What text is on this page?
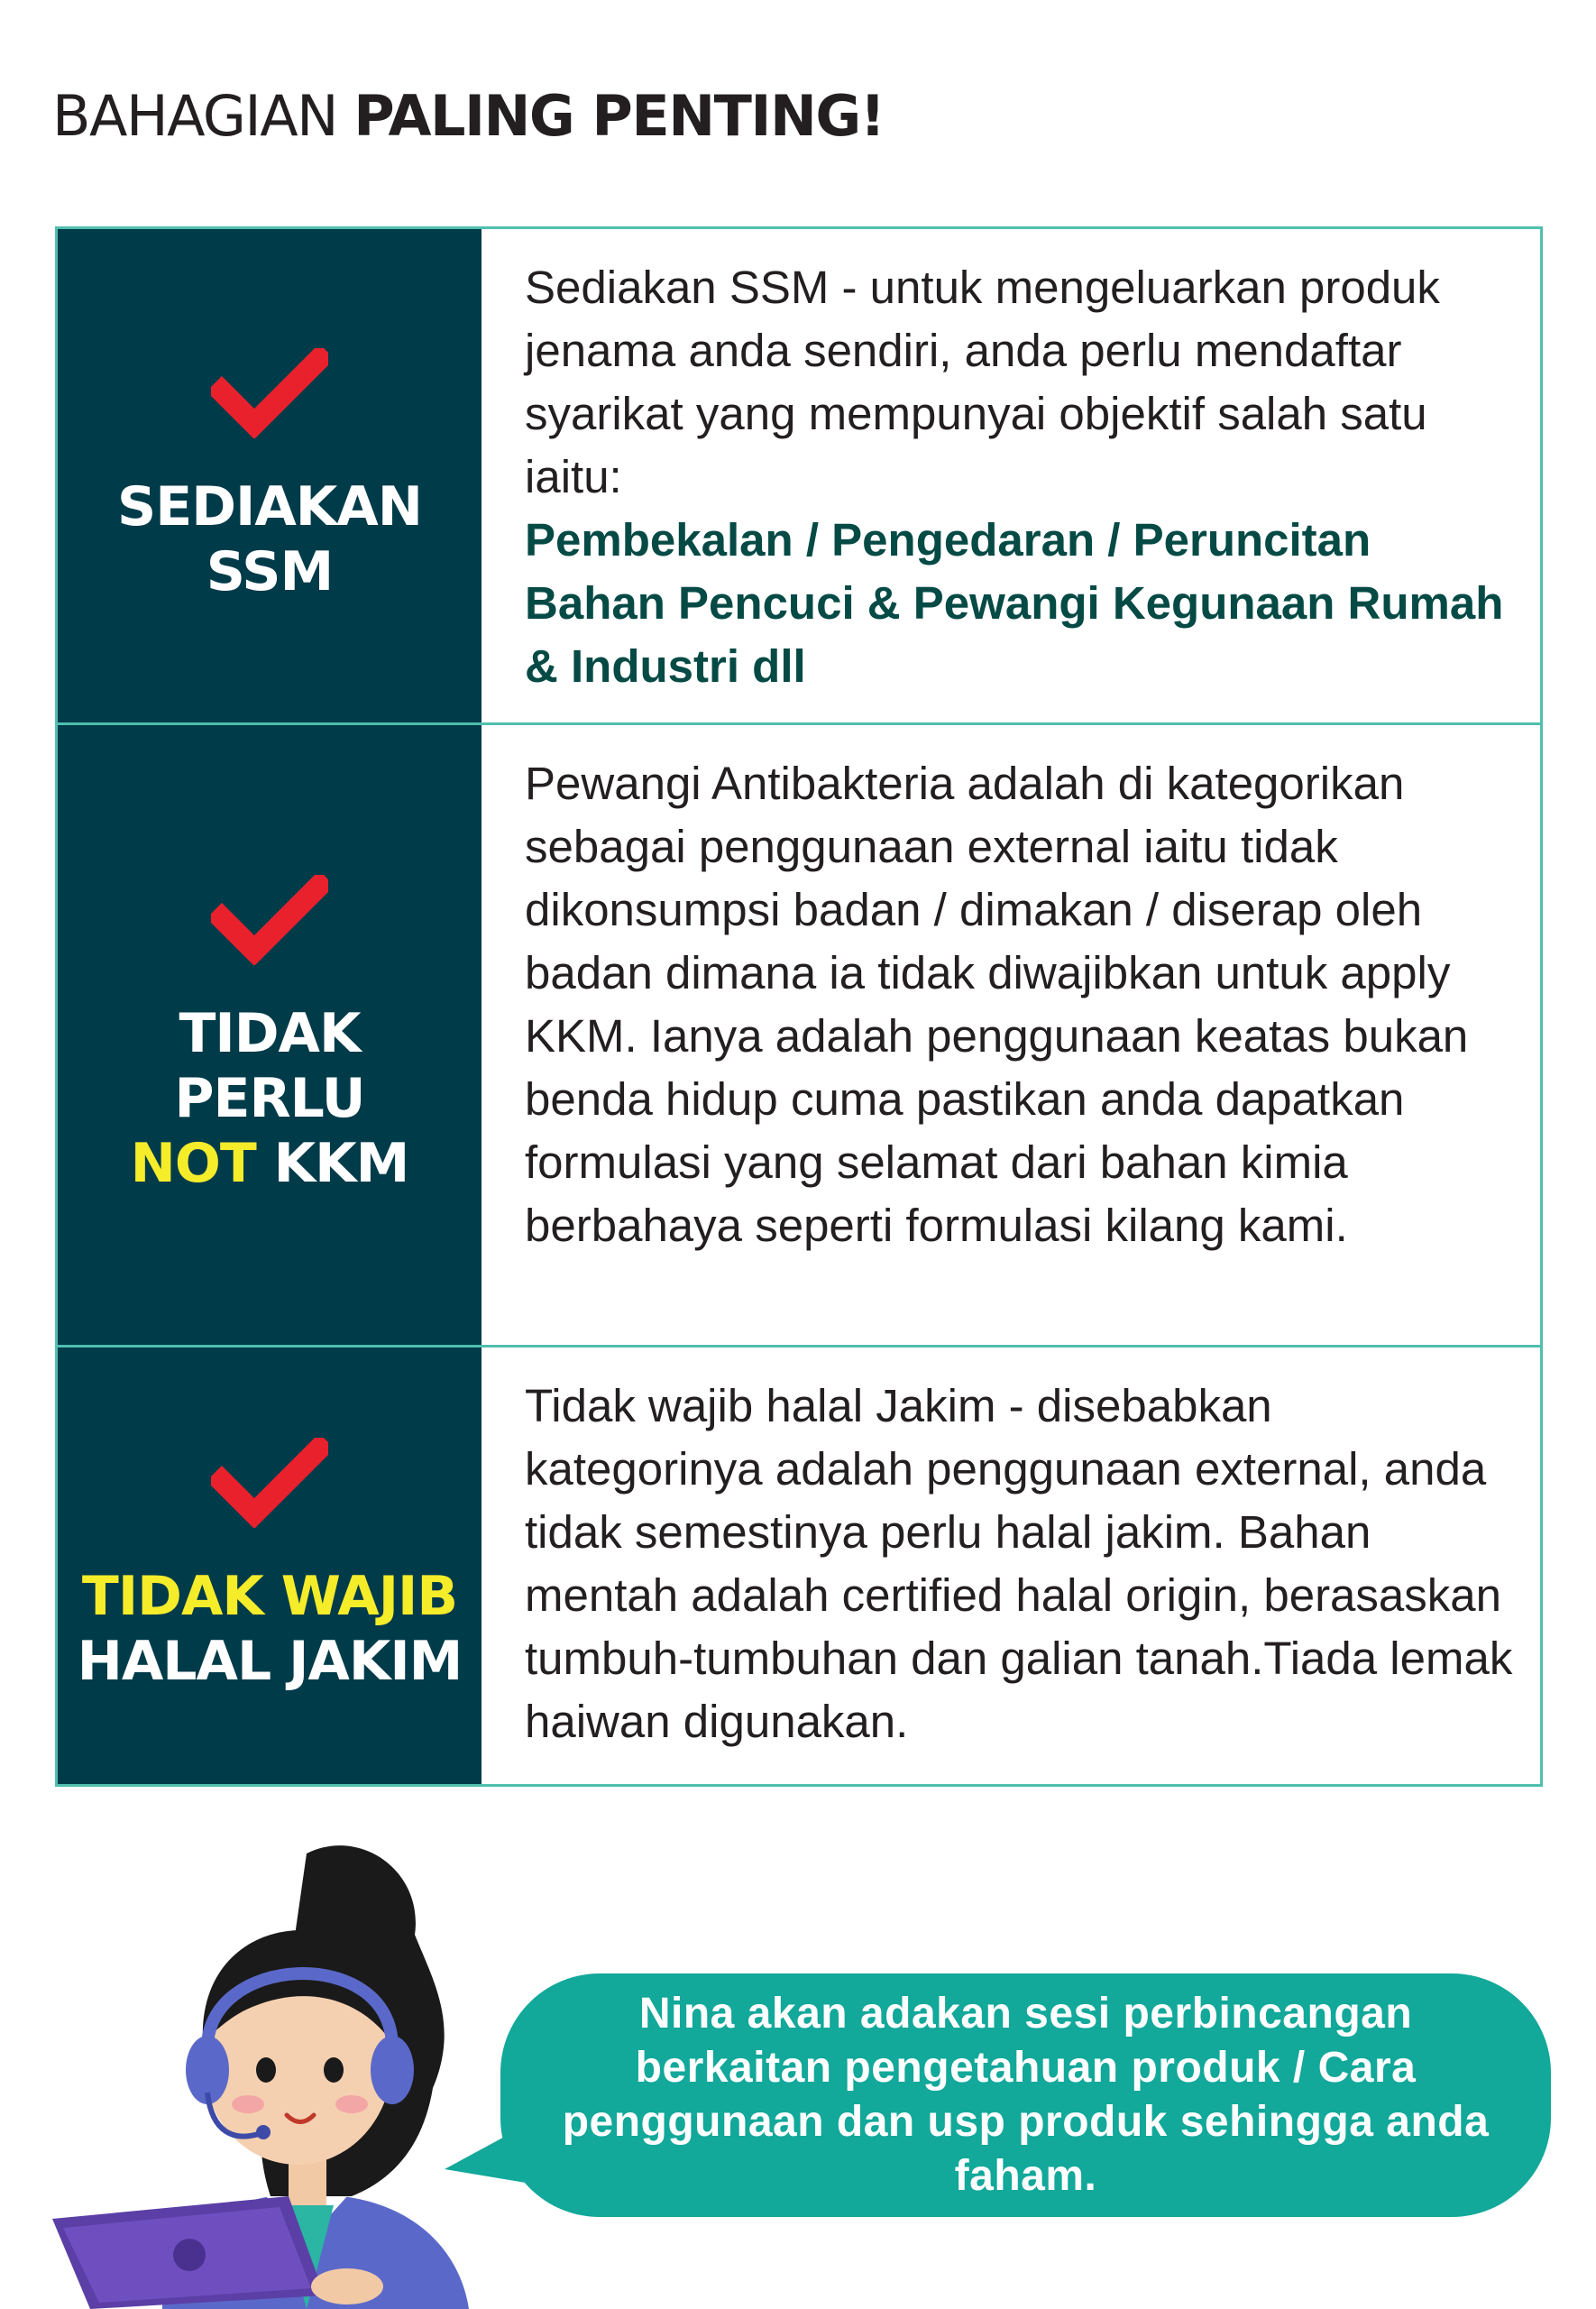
BAHAGIAN PALING PENTING!
SEDIAKAN
SSM

Sediakan SSM - untuk mengeluarkan produk jenama anda sendiri, anda perlu mendaftar syarikat yang mempunyai objektif salah satu iaitu:

Pembekalan / Pengedaran / Peruncitan Bahan Pencuci & Pewangi Kegunaan Rumah & Industri dll

TIDAK
PERLU
NOT KKM

Pewangi Antibakteria adalah di kategorikan sebagai penggunaan external iaitu tidak dikonsumpsi badan / dimakan / diserap oleh badan dimana ia tidak diwajibkan untuk apply KKM. Ianya adalah penggunaan keatas bukan benda hidup cuma pastikan anda dapatkan formulasi yang selamat dari bahan kimia berbahaya seperti formulasi kilang kami.

TIDAK WAJIB
HALAL JAKIM

Tidak wajib halal Jakim - disebabkan kategorinya adalah penggunaan external, anda tidak semestinya perlu halal jakim. Bahan mentah adalah certified halal origin, berasaskan tumbuh-tumbuhan dan galian tanah.Tiada lemak haiwan digunakan.

Nina akan adakan sesi perbincangan berkaitan pengetahuan produk / Cara penggunaan dan usp produk sehingga anda faham.
